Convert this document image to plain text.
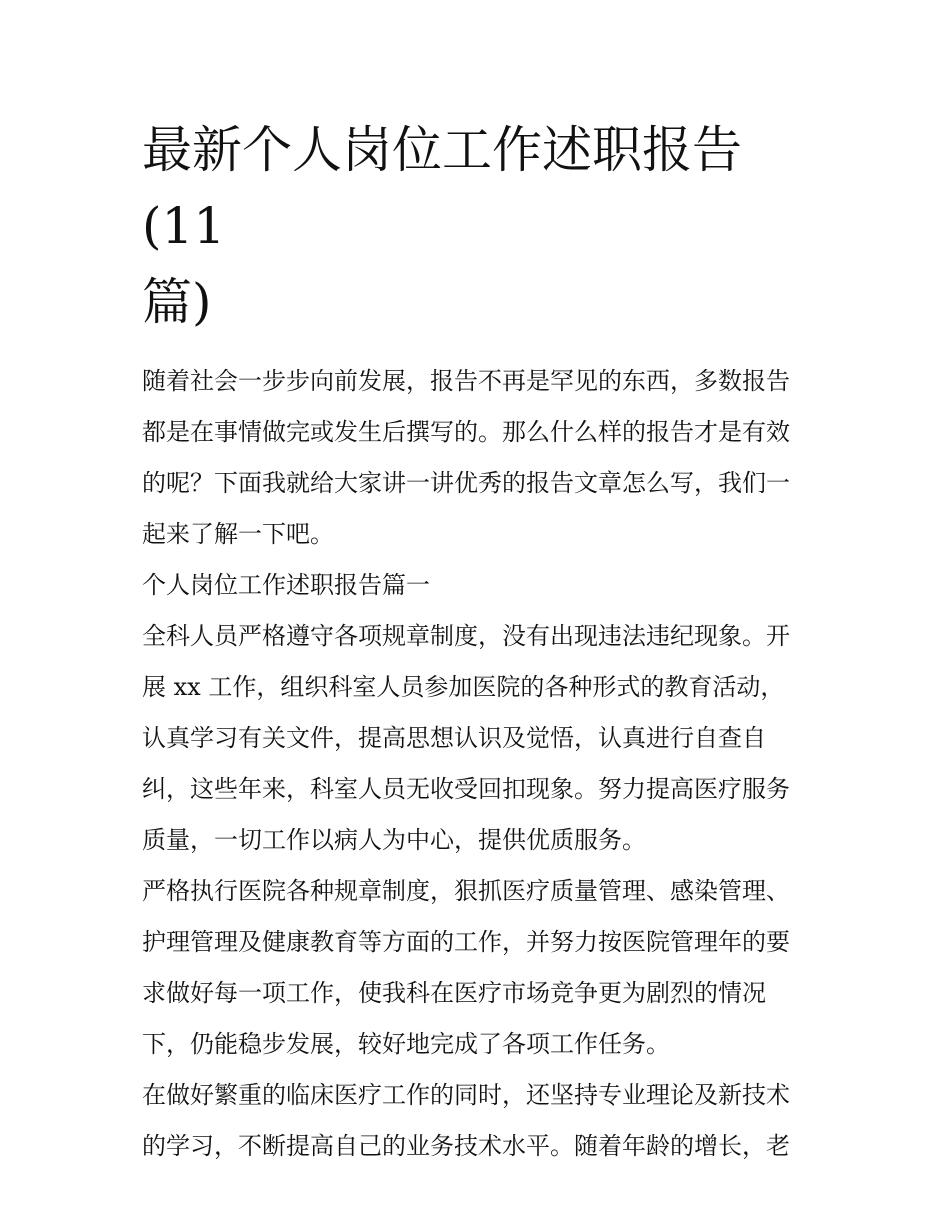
最新个人岗位工作述职报告(11
篇)
随着社会一步步向前发展，报告不再是罕见的东西，多数报告
都是在事情做完或发生后撰写的。那么什么样的报告才是有效
的呢？下面我就给大家讲一讲优秀的报告文章怎么写，我们一
起来了解一下吧。
个人岗位工作述职报告篇一
全科人员严格遵守各项规章制度，没有出现违法违纪现象。开
展 xx 工作，组织科室人员参加医院的各种形式的教育活动，
认真学习有关文件，提高思想认识及觉悟，认真进行自查自
纠，这些年来，科室人员无收受回扣现象。努力提高医疗服务
质量，一切工作以病人为中心，提供优质服务。
严格执行医院各种规章制度，狠抓医疗质量管理、感染管理、
护理管理及健康教育等方面的工作，并努力按医院管理年的要
求做好每一项工作，使我科在医疗市场竞争更为剧烈的情况
下，仍能稳步发展，较好地完成了各项工作任务。
在做好繁重的临床医疗工作的同时，还坚持专业理论及新技术
的学习，不断提高自己的业务技术水平。随着年龄的增长，老
